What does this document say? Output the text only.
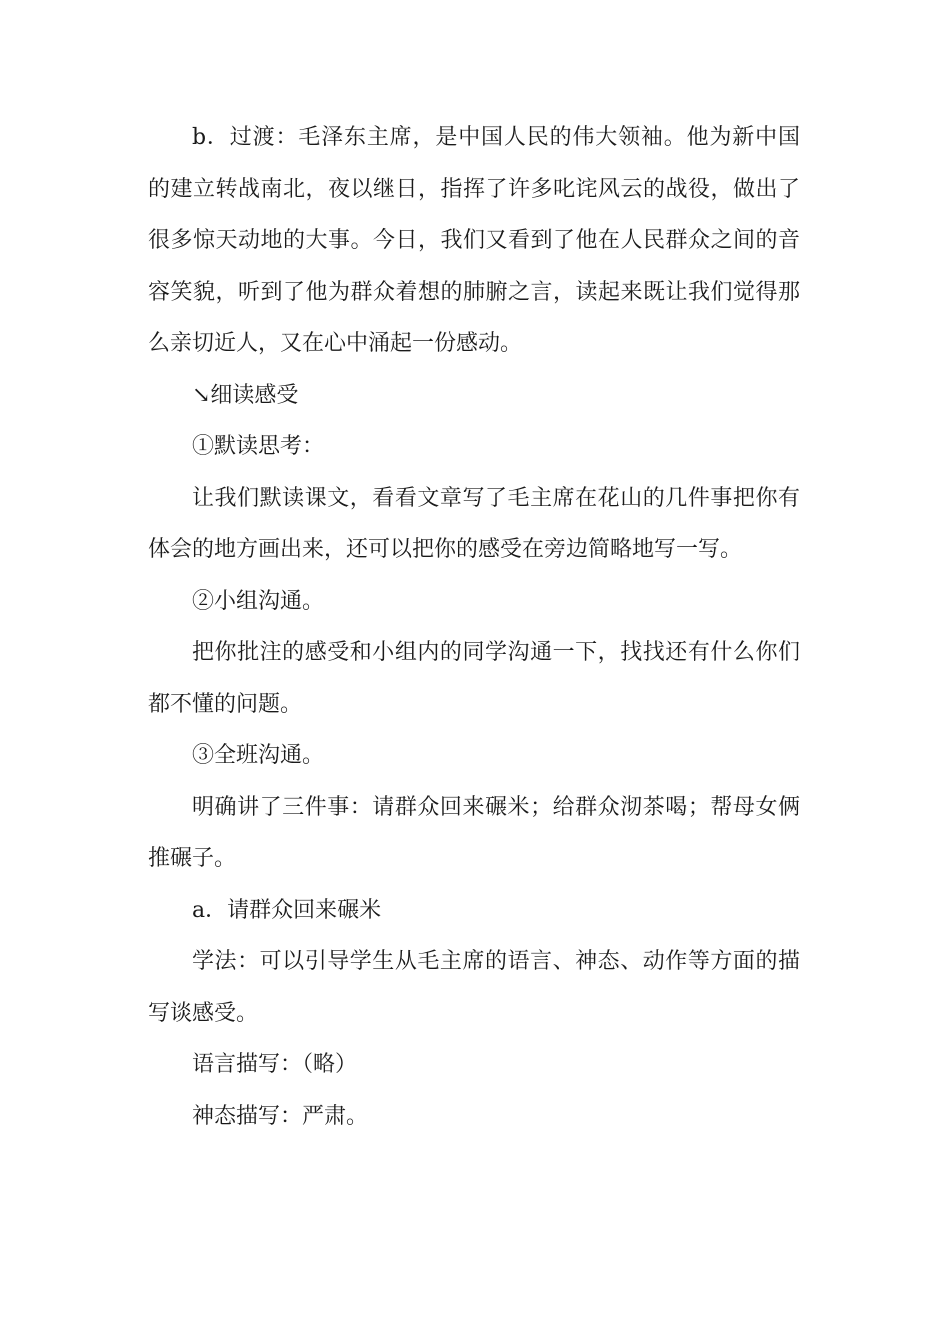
b．过渡：毛泽东主席，是中国人民的伟大领袖。他为新中国的建立转战南北，夜以继日，指挥了许多叱诧风云的战役，做出了很多惊天动地的大事。今日，我们又看到了他在人民群众之间的音容笑貌，听到了他为群众着想的肺腑之言，读起来既让我们觉得那么亲切近人，又在心中涌起一份感动。

↘细读感受

①默读思考：

让我们默读课文，看看文章写了毛主席在花山的几件事把你有体会的地方画出来，还可以把你的感受在旁边简略地写一写。

②小组沟通。

把你批注的感受和小组内的同学沟通一下，找找还有什么你们都不懂的问题。

③全班沟通。

明确讲了三件事：请群众回来碾米；给群众沏茶喝；帮母女俩推碾子。

a．请群众回来碾米

学法：可以引导学生从毛主席的语言、神态、动作等方面的描写谈感受。

语言描写：（略）

神态描写：严肃。
